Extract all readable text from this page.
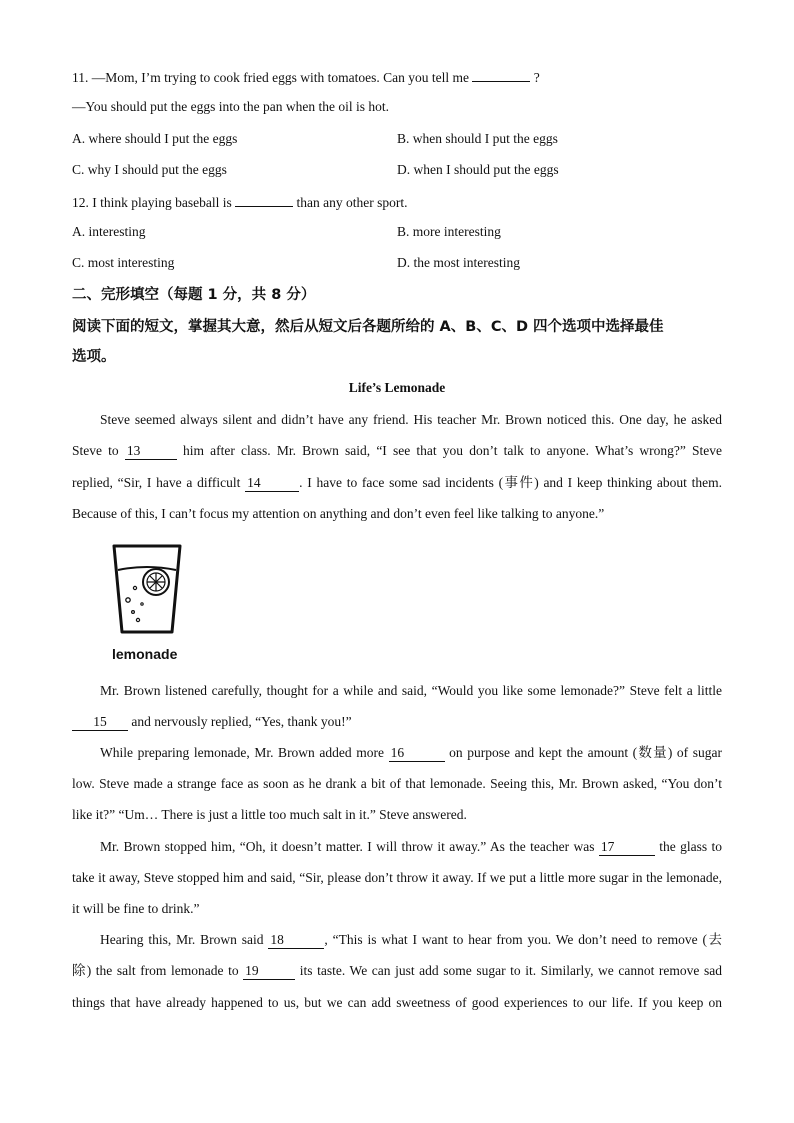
11. —Mom, I’m trying to cook fried eggs with tomatoes. Can you tell me	?
—You should put the eggs into the pan when the oil is hot.
A. where should I put the eggs	B. when should I put the eggs
C. why I should put the eggs	D. when I should put the eggs
12. I think playing baseball is	than any other sport.
A. interesting	B. more interesting
C. most interesting	D. the most interesting
二、完形填空（每题 1 分，共 8 分）
阅读下面的短文，掌握其大意，然后从短文后各题所给的 A、B、C、D 四个选项中选择最佳
选项。
Life’s Lemonade
Steve seemed always silent and didn’t have any friend. His teacher Mr. Brown noticed this. One day, he asked
Steve to 13	him after class. Mr. Brown said, “I see that you don’t talk to anyone. What’s wrong?” Steve
replied, “Sir, I have a difficult 14	. I have to face some sad incidents (事件) and I keep thinking about them.
Because of this, I can’t focus my attention on anything and don’t even feel like talking to anyone.”
lemonade
Mr. Brown listened carefully, thought for a while and said, “Would you like some lemonade?” Steve felt a little
15 and nervously replied, “Yes, thank you!”
While preparing lemonade, Mr. Brown added more 16	on purpose and kept the amount (数量) of sugar
low. Steve made a strange face as soon as he drank a bit of that lemonade. Seeing this, Mr. Brown asked, “You don’t
like it?” “Um… There is just a little too much salt in it.” Steve answered.
Mr. Brown stopped him, “Oh, it doesn’t matter. I will throw it away.” As the teacher was 17	the glass to
take it away, Steve stopped him and said, “Sir, please don’t throw it away. If we put a little more sugar in the lemonade,
it will be fine to drink.”
Hearing this, Mr. Brown said 18	, “This is what I want to hear from you. We don’t need to remove (去
除) the salt from lemonade to 19	its taste. We can just add some sugar to it. Similarly, we cannot remove sad
things that have already happened to us, but we can add sweetness of good experiences to our life. If you keep on
